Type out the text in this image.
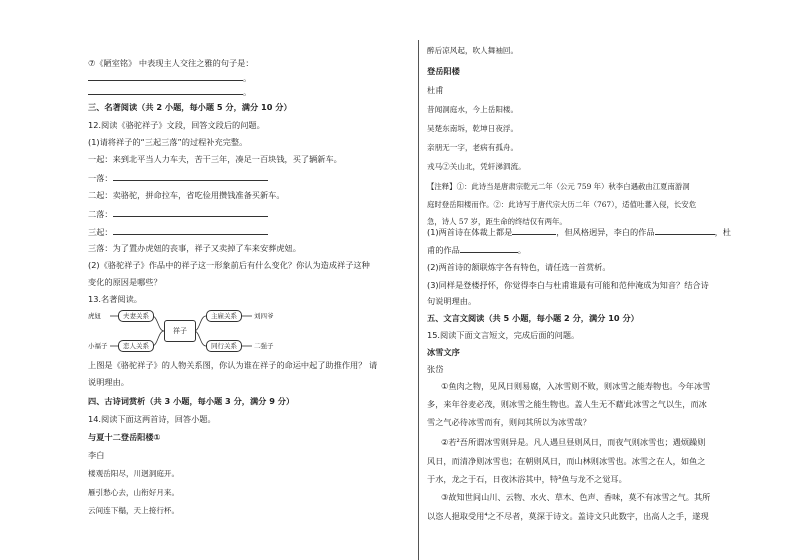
⑦《陋室铭》 中表现主人交往之雅的句子是：
。
。
三、名著阅读（共 2 小题，每小题 5 分，满分 10 分）
12.阅读《骆驼祥子》文段，回答文段后的问题。
(1)请将祥子的“三起三落”的过程补充完整。
一起：来到北平当人力车夫，苦干三年，凑足一百块钱，买了辆新车。
一落：
二起：卖骆驼，拼命拉车，省吃俭用攒钱准备买新车。
二落：
三起：
三落：为了置办虎妞的丧事，祥子又卖掉了车来安葬虎妞。
(2)《骆驼祥子》作品中的祥子这一形象前后有什么变化？你认为造成祥子这种
变化的原因是哪些？
13.名著阅读。
虎妞
小福子
夫妻关系
恋人关系
祥子
主雇关系
同行关系
刘四爷
二强子
上图是《骆驼祥子》的人物关系图，你认为谁在祥子的命运中起了助推作用？ 请
说明理由。
四、古诗词赏析（共 3 小题，每小题 3 分，满分 9 分）
14.阅读下面这两首诗，回答小题。
与夏十二登岳阳楼①
李白
楼观岳阳尽，川迥洞庭开。
雁引愁心去，山衔好月来。
云间连下榻，天上接行杯。
醉后凉风起，吹人舞袖回。
登岳阳楼
杜甫
昔闻洞庭水，今上岳阳楼。
吴楚东南坼，乾坤日夜浮。
亲朋无一字，老病有孤舟。
戎马②关山北，凭轩涕泗流。
【注释】①：此诗当是唐肃宗乾元二年（公元 759 年）秋李白遇赦由江夏南游洞
庭时登岳阳楼而作。②：此诗写于唐代宗大历二年（767），适值吐蕃入侵，长安危
急，诗人 57 岁，距生命的终结仅有两年。
(1)两首诗在体裁上都是	，但风格迥异，李白的作品	，杜
甫的作品	。
(2)两首诗的颔联炼字各有特色，请任选一首赏析。
(3)同样是登楼抒怀，你觉得李白与杜甫谁最有可能和范仲淹成为知音？结合诗
句说明理由。
五、文言文阅读（共 5 小题，每小题 2 分，满分 10 分）
15.阅读下面文言短文，完成后面的问题。
冰雪文序
张岱
①鱼肉之物，见风日则易腐，入冰雪则不败，则冰雪之能寿物也。今年冰雪
多，来年谷麦必茂，则冰雪之能生物也。盖人生无不藉ⁱ此冰雪之气以生，而冰
雪之气必待冰雪而有，则问其所以为冰雪哉？
②若²吾所谓冰雪则异是。凡人遇旦昼则风日，而夜气则冰雪也；遇烦躁则
风日，而清净则冰雪也；在朝则风日，而山林则冰雪也。冰雪之在人，如鱼之
于水，龙之于石，日夜沐浴其中，特³鱼与龙不之觉耳。
③故知世间山川、云物、水火、草木、色声、香味，莫不有冰雪之气。其所
以恣人挹取受用⁴之不尽者，莫深于诗文。盖诗文只此数字，出高人之手，遂现
